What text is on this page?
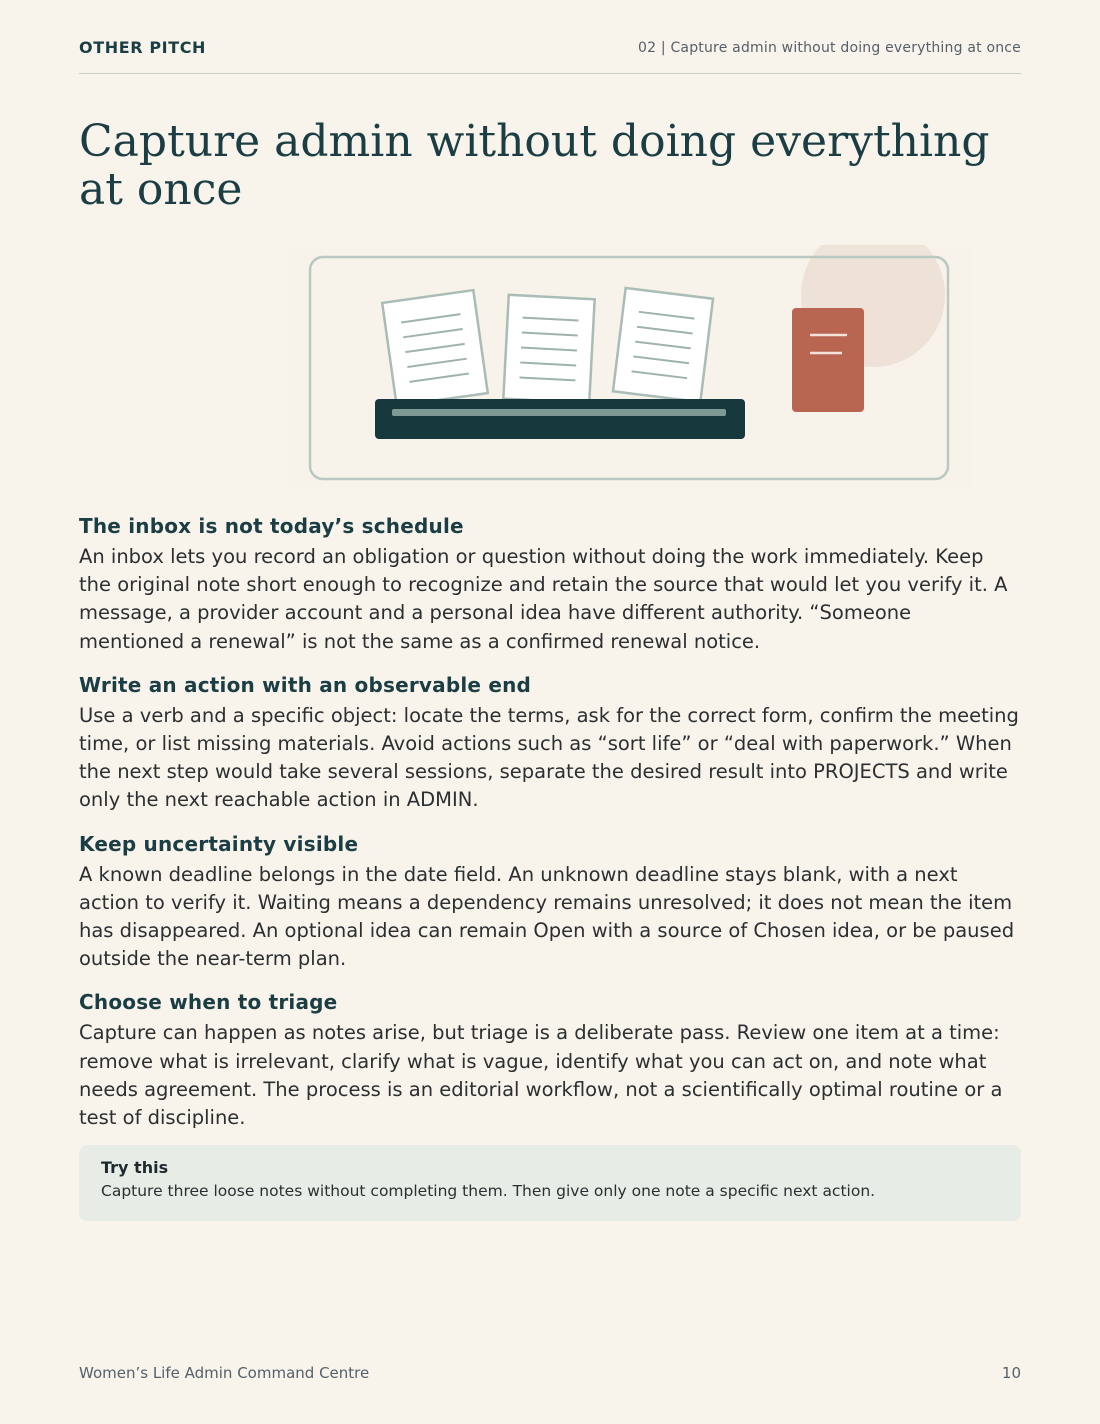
OTHER PITCH	02 | Capture admin without doing everything at once
Capture admin without doing everything at once
The inbox is not today’s schedule

An inbox lets you record an obligation or question without doing the work immediately. Keep the original note short enough to recognize and retain the source that would let you verify it. A message, a provider account and a personal idea have different authority. “Someone mentioned a renewal” is not the same as a confirmed renewal notice.

Write an action with an observable end

Use a verb and a specific object: locate the terms, ask for the correct form, confirm the meeting time, or list missing materials. Avoid actions such as “sort life” or “deal with paperwork.” When the next step would take several sessions, separate the desired result into PROJECTS and write only the next reachable action in ADMIN.

Keep uncertainty visible

A known deadline belongs in the date field. An unknown deadline stays blank, with a next action to verify it. Waiting means a dependency remains unresolved; it does not mean the item has disappeared. An optional idea can remain Open with a source of Chosen idea, or be paused outside the near-term plan.

Choose when to triage

Capture can happen as notes arise, but triage is a deliberate pass. Review one item at a time: remove what is irrelevant, clarify what is vague, identify what you can act on, and note what needs agreement. The process is an editorial workflow, not a scientifically optimal routine or a test of discipline.

Try this
Capture three loose notes without completing them. Then give only one note a specific next action.
Women’s Life Admin Command Centre	10
